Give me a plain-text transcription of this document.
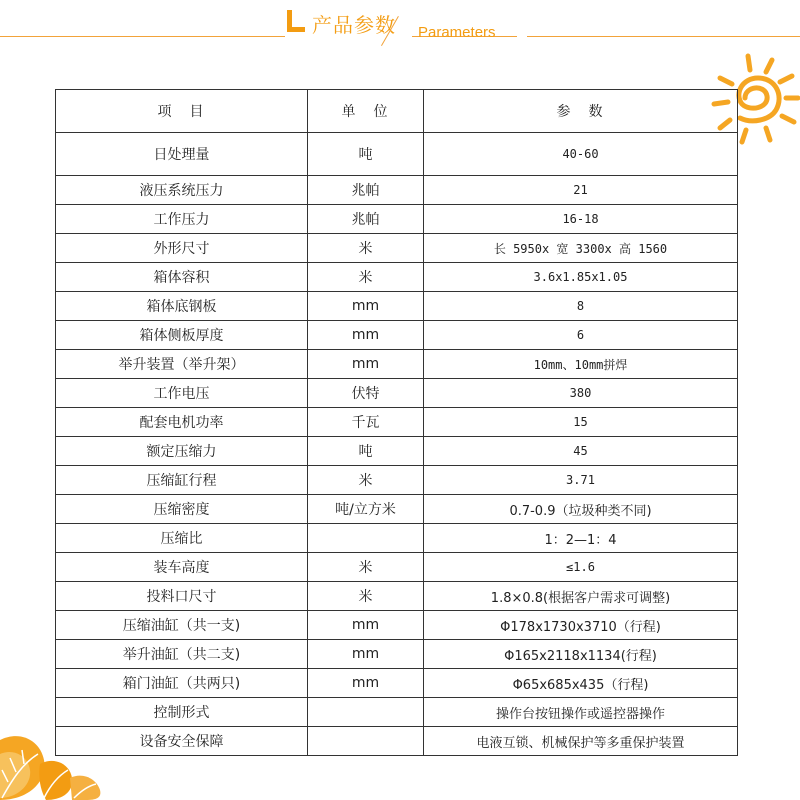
产品参数 Parameters
项　目	单　位	参　数
日处理量	吨	40-60
液压系统压力	兆帕	21
工作压力	兆帕	16-18
外形尺寸	米	长 5950x 宽 3300x 高 1560
箱体容积	米	3.6x1.85x1.05
箱体底钢板	mm	8
箱体侧板厚度	mm	6
举升装置（举升架）	mm	10mm、10mm拼焊
工作电压	伏特	380
配套电机功率	千瓦	15
额定压缩力	吨	45
压缩缸行程	米	3.71
压缩密度	吨/立方米	0.7-0.9（垃圾种类不同)
压缩比		1：2—1：4
装车高度	米	≤1.6
投料口尺寸	米	1.8×0.8(根据客户需求可调整)
压缩油缸（共一支)	mm	Φ178x1730x3710（行程)
举升油缸（共二支)	mm	Φ165x2118x1134(行程)
箱门油缸（共两只)	mm	Φ65x685x435（行程)
控制形式		操作台按钮操作或遥控器操作
设备安全保障		电液互锁、机械保护等多重保护装置
